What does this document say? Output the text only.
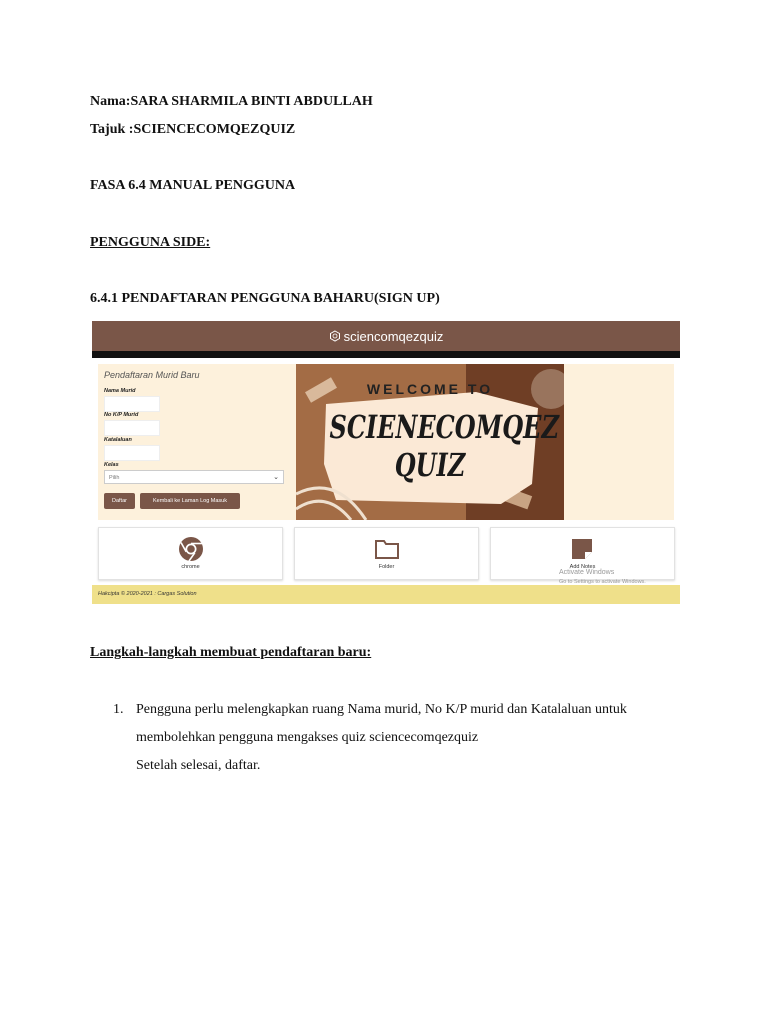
Nama:SARA SHARMILA BINTI ABDULLAH
Tajuk :SCIENCECOMQEZQUIZ
FASA 6.4 MANUAL PENGGUNA
PENGGUNA SIDE:
6.4.1 PENDAFTARAN PENGGUNA BAHARU(SIGN UP)
sciencomqezquiz
Pendaftaran Murid Baru
Nama Murid
No K/P Murid
Katalaluan
Kelas
Pilih	⌄
Daftar	Kembali ke Laman Log Masuk
WELCOME TO
SCIENECOMQEZ
QUIZ
chrome	Folder	Add Notes
Activate Windows
Go to Settings to activate Windows.
Hakcipta © 2020-2021 : Cargas Solution
Langkah-langkah membuat pendaftaran baru:
1. Pengguna perlu melengkapkan ruang Nama murid, No K/P murid dan Katalaluan untuk
membolehkan pengguna mengakses quiz sciencecomqezquiz
Setelah selesai, daftar.
